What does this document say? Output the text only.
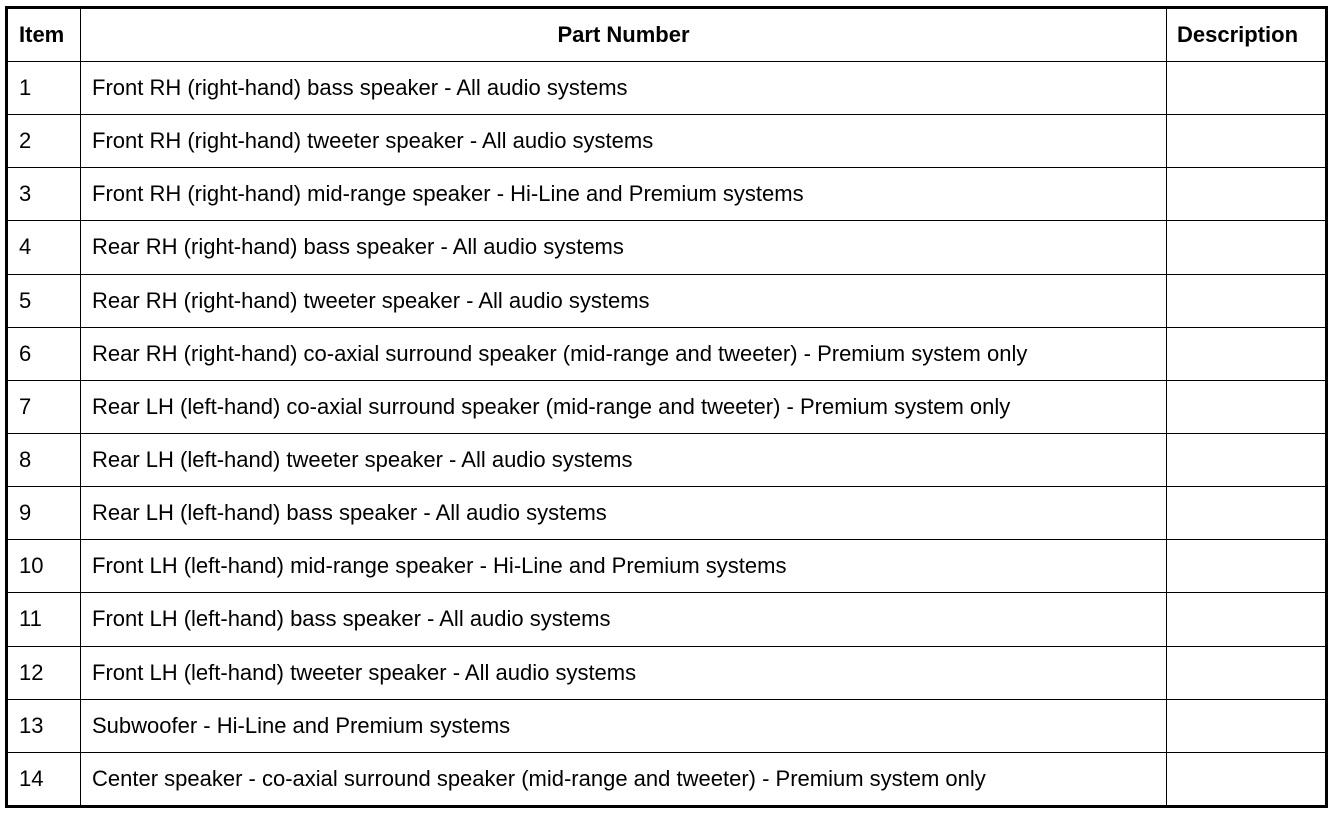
Item	Part Number	Description
1	Front RH (right-hand) bass speaker - All audio systems	
2	Front RH (right-hand) tweeter speaker - All audio systems	
3	Front RH (right-hand) mid-range speaker - Hi-Line and Premium systems	
4	Rear RH (right-hand) bass speaker - All audio systems	
5	Rear RH (right-hand) tweeter speaker - All audio systems	
6	Rear RH (right-hand) co-axial surround speaker (mid-range and tweeter) - Premium system only	
7	Rear LH (left-hand) co-axial surround speaker (mid-range and tweeter) - Premium system only	
8	Rear LH (left-hand) tweeter speaker - All audio systems	
9	Rear LH (left-hand) bass speaker - All audio systems	
10	Front LH (left-hand) mid-range speaker - Hi-Line and Premium systems	
11	Front LH (left-hand) bass speaker - All audio systems	
12	Front LH (left-hand) tweeter speaker - All audio systems	
13	Subwoofer - Hi-Line and Premium systems	
14	Center speaker - co-axial surround speaker (mid-range and tweeter) - Premium system only	
